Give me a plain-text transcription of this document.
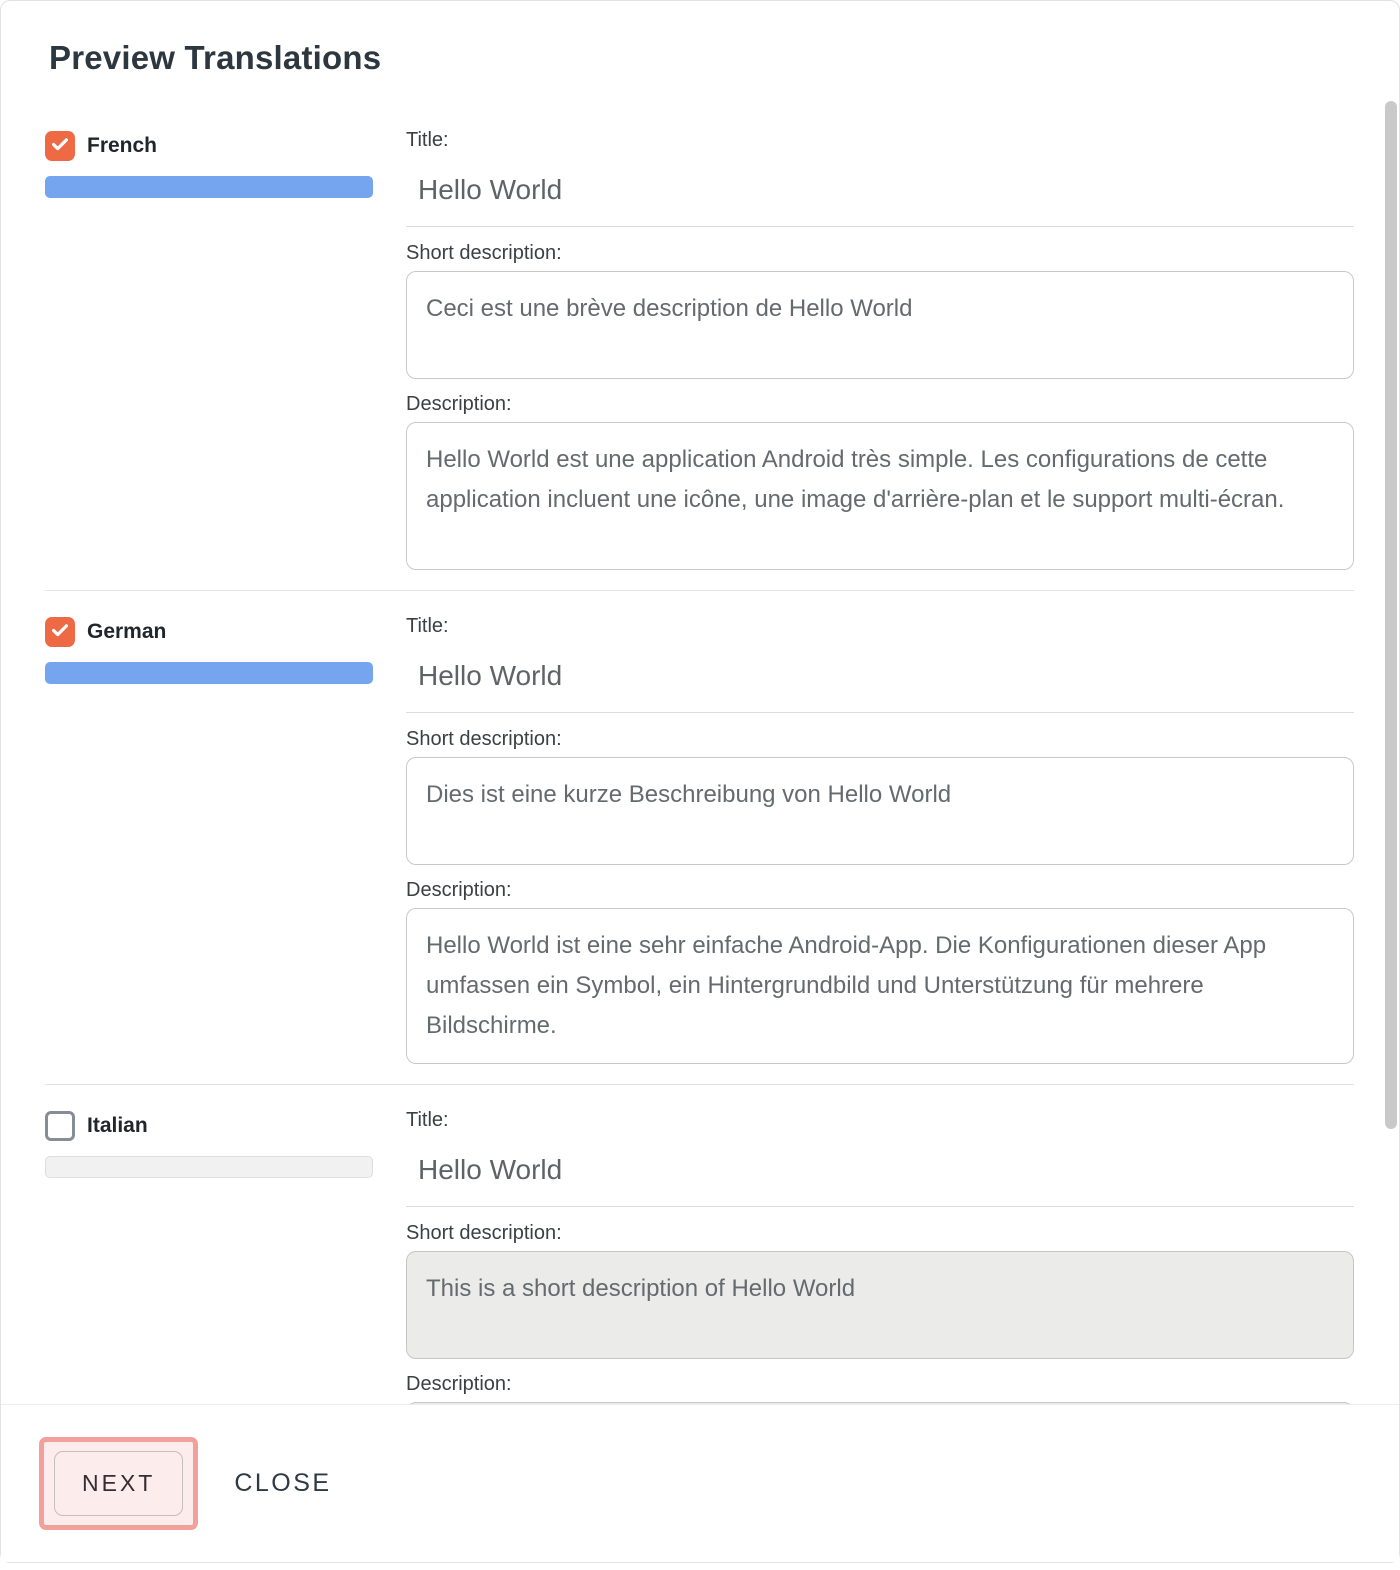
Preview Translations
French	Title:
Hello World
Short description:
Ceci est une brève description de Hello World
Description:
Hello World est une application Android très simple. Les configurations de cette application incluent une icône, une image d'arrière-plan et le support multi-écran.
German	Title:
Hello World
Short description:
Dies ist eine kurze Beschreibung von Hello World
Description:
Hello World ist eine sehr einfache Android-App. Die Konfigurationen dieser App umfassen ein Symbol, ein Hintergrundbild und Unterstützung für mehrere Bildschirme.
Italian	Title:
Hello World
Short description:
This is a short description of Hello World
Description:
NEXT	CLOSE
